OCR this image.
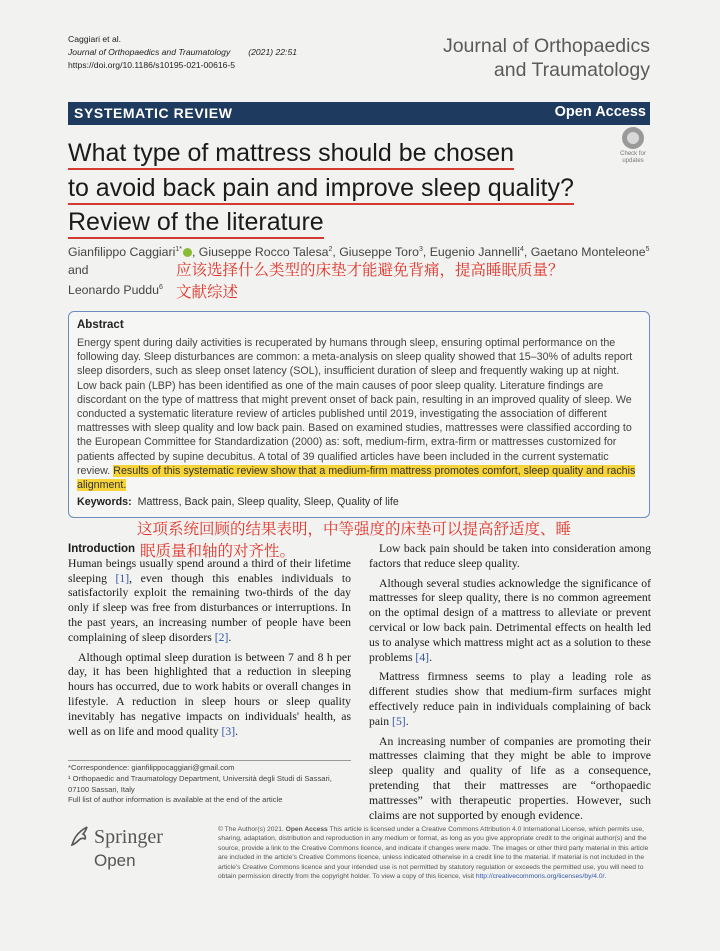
Caggiari et al.
Journal of Orthopaedics and Traumatology (2021) 22:51
https://doi.org/10.1186/s10195-021-00616-5
Journal of Orthopaedics
and Traumatology
SYSTEMATIC REVIEW	Open Access
Check for
updates
What type of mattress should be chosen
to avoid back pain and improve sleep quality?
Review of the literature
Gianfilippo Caggiari$^{1*}$ , Giuseppe Rocco Talesa$^2$, Giuseppe Toro$^3$, Eugenio Jannelli$^4$, Gaetano Monteleone$^5$ and
Leonardo Puddu$^6$
应该选择什么类型的床垫才能避免背痛，提高睡眠质量？
文献综述
Abstract

Energy spent during daily activities is recuperated by humans through sleep, ensuring optimal performance on the following day. Sleep disturbances are common: a meta-analysis on sleep quality showed that 15–30% of adults report sleep disorders, such as sleep onset latency (SOL), insufficient duration of sleep and frequently waking up at night. Low back pain (LBP) has been identified as one of the main causes of poor sleep quality. Literature findings are discordant on the type of mattress that might prevent onset of back pain, resulting in an improved quality of sleep. We conducted a systematic literature review of articles published until 2019, investigating the association of different mattresses with sleep quality and low back pain. Based on examined studies, mattresses were classified according to the European Committee for Standardization (2000) as: soft, medium-firm, extra-firm or mattresses customized for patients affected by supine decubitus. A total of 39 qualified articles have been included in the current systematic review. Results of this systematic review show that a medium-firm mattress promotes comfort, sleep quality and rachis alignment.

Keywords: Mattress, Back pain, Sleep quality, Sleep, Quality of life
这项系统回顾的结果表明，中等强度的床垫可以提高舒适度、睡
眠质量和轴的对齐性。

Introduction
Human beings usually spend around a third of their lifetime sleeping [1], even though this enables individuals to satisfactorily exploit the remaining two-thirds of the day only if sleep was free from disturbances or interruptions. In the past years, an increasing number of people have been complaining of sleep disorders [2].

Although optimal sleep duration is between 7 and 8 h per day, it has been highlighted that a reduction in sleeping hours has occurred, due to work habits or overall changes in lifestyle. A reduction in sleep hours or sleep quality inevitably has negative impacts on individuals' health, as well as on life and mood quality [3].

Low back pain should be taken into consideration among factors that reduce sleep quality.

Although several studies acknowledge the significance of mattresses for sleep quality, there is no common agreement on the optimal design of a mattress to alleviate or prevent cervical or low back pain. Detrimental effects on health led us to analyse which mattress might act as a solution to these problems [4].

Mattress firmness seems to play a leading role as different studies show that medium-firm surfaces might effectively reduce pain in individuals complaining of back pain [5].

An increasing number of companies are promoting their mattresses claiming that they might be able to improve sleep quality and quality of life as a consequence, pretending that their mattresses are “orthopaedic mattresses” with therapeutic properties. However, such claims are not supported by enough evidence.

*Correspondence: gianfilippocaggiari@gmail.com
¹ Orthopaedic and Traumatology Department, Università degli Studi di Sassari, 07100 Sassari, Italy
Full list of author information is available at the end of the article
Springer Open
© The Author(s) 2021. Open Access This article is licensed under a Creative Commons Attribution 4.0 International License, which permits use, sharing, adaptation, distribution and reproduction in any medium or format, as long as you give appropriate credit to the original author(s) and the source, provide a link to the Creative Commons licence, and indicate if changes were made. The images or other third party material in this article are included in the article's Creative Commons licence, unless indicated otherwise in a credit line to the material. If material is not included in the article's Creative Commons licence and your intended use is not permitted by statutory regulation or exceeds the permitted use, you will need to obtain permission directly from the copyright holder. To view a copy of this licence, visit http://creativecommons.org/licenses/by/4.0/.
